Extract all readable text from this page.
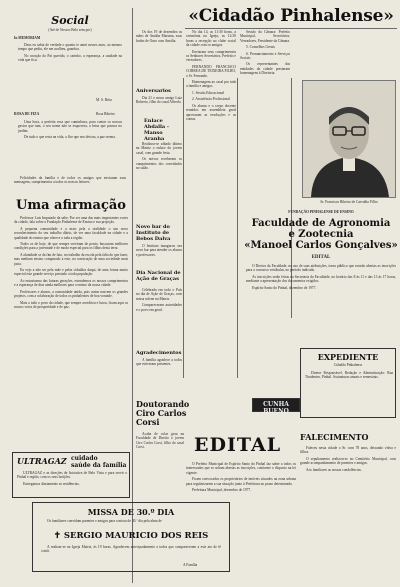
Social
(Até de Nossos Belo sem por)
In MEMORIAM

Deus eu sabia de verdade o quanto te amei nesses anos, ao mesmo tempo que pediu, ele me acolheu, guardou.

No coração do Pai querido, o carinho, a esperança, a saudade na vida que fica.

M. S. Brito
ROSA DE FIZA	Rosa Ribeiro

Uma hora, a perfeita rosa que caminhava, para contar os nossos gestos que iam, o seu nome não se esquecera, a brisa que passou no jardim.

De tudo o que resta na vida, a flor que nos deixou, a paz serena.

Felicidades da família e de todos os amigos que enviaram suas mensagens, cumprimentos a todos os nossos leitores.

Uma afirmação

Professor Luis Imputado da sabe; Por ser uma das mais importantes vozes da cidade, fala sobre a Fundação Pinhalense de Ensino e sua projeção.

A pequena comunidade e a mais pela a realidade o um novo reconhecimento do seu trabalho diário, de ver uma faculdade na cidade e a qualidade do ensino que oferece a toda a região.

Todos os de hoje, de que sempre serviram de ponto, buscaram melhores condições para a juventude e de modo especial para os filhos desta terra.

A alunidade se da fim de fato, no trabalho da escola pela falta do que fazer, mas nenhum ensino comparado a este, na construção de uma sociedade mais justa.

Eu vejo a não ser pela mãe e pelas cidadãos daqui, de uma forma muito especial este grande serviço prestado a toda população.

Ao entusiasmo das futuras gerações, estendemos os nossos cumprimentos e a esperança de dias ainda melhores para o ensino da nossa cidade.

Professores e alunos, a comunidade unida, pois assim nascem os grandes projetos, com a colaboração de todos os pinhalenses de boa vontade.

Mais a todo o povo da cidade, que sempre acreditou e lutou, ficam aqui os nossos votos de prosperidade e de paz.

ULTRAGAZ cuidado
saúde da família

ULTRAGAZ e as direções de Iniciativa de Belo Vista e para servir o Pinhal e região, com os seus botijões.

Entregamos diariamente as residências.

MISSA DE 30.º DIA

Os familiares convidam parentes e amigos para a missa de 30.º dia pela alma de

✝ SERGIO MAURICIO DOS REIS

A realizar-se na Igreja Matriz, às 19 horas. Agradecem antecipadamente a todos que comparecerem a este ato de fé cristã.

A Família
«Cidadão Pinhalense»

Os dos 19 de dezembro as mãos de Amália Mariana, suas bodas de Ouro com Amália.

Aniversarios

Dia 21 o nosso amigo Luiz Roberto, filho do casal Alfredo.

Enlace Abdalla - Manso Aranha

Realizou-se sábado último na Matriz o enlace do jovem casal, com grande festa.

Os noivos receberam os cumprimentos dos convidados no salão.

Novo bar do Instituto de Bebos Dalva

O Instituto inaugurou seu novo bar para atender os alunos e professores.

Dia Nacional de Ação de Graças

Celebrada em todo o País no dia de Ação de Graças, com missa solene na Matriz.

Compareceram autoridades e o povo em geral.

Agradecimentos

A família agradece a todos que estiveram presentes.

Doutorando
Ciro Carlos
Corsi

Acaba de colar grau na Faculdade de Direito o jovem Ciro Carlos Corsi, filho do casal Corsi.

No dia 14, as 11:30 horas, a cerimônia na Igreja, as 12:30 horas a recepção no clube social da cidade com os amigos.

Enviaram seus cumprimentos os Senhores Secretários, Prefeito e vereadores.

FERNANDO FRANCISCO CORREA DE TEIXEIRA FILHO, o Sr. Fernando.

Homenagens ao casal por toda a família e amigos.

1. Sessão Educacional

2. Assistência Profissional

Os alunos e o corpo docente reunidos em assembleia geral aprovaram as resoluções e as contas.

Sessão da Câmara: Prefeito Municipal, Secretários, Vereadores, Presidente da Câmara.

5. Conselhos Gerais

6. Pronunciamento e Serviços Sociais

Os representantes das entidades da cidade prestaram homenagens à Diretoria.

Sr. Francisco Ribeiro de Carvalho Filho
FUNDAÇÃO PINHALENSE DE ENSINO
Faculdade de Agronomia
e Zootecnia
«Manoel Carlos Gonçalves»
EDITAL

O Diretor da Faculdade, no uso de suas atribuições, torna público que estarão abertas as inscrições para o concurso vestibular, no período indicado.

As inscrições serão feitas na Secretaria da Faculdade, no horário das 8 às 11 e das 13 às 17 horas, mediante a apresentação dos documentos exigidos.

Espírito Santo do Pinhal, dezembro de 1977.

EXPEDIENTE
Cidadão Pinhalense

Diretor Responsável, Redação e Administração: Rua Tiradentes, Pinhal. Assinaturas anuais e semestrais.

CUNHA BUENO
EDITAL

O Prefeito Municipal de Espírito Santo do Pinhal faz saber a todos os interessados que se acham abertas as inscrições, conforme o disposto na lei vigente.

Ficam convocados os proprietários de imóveis situados na zona urbana para regularizarem a sua situação junto à Prefeitura no prazo determinado.

Prefeitura Municipal, dezembro de 1977.

FALECIMENTO

Faleceu nesta cidade o Sr. com 78 anos, deixando viúva e filhos.

O sepultamento realizou-se no Cemitério Municipal, com grande acompanhamento de parentes e amigos.

Aos familiares as nossas condolências.
